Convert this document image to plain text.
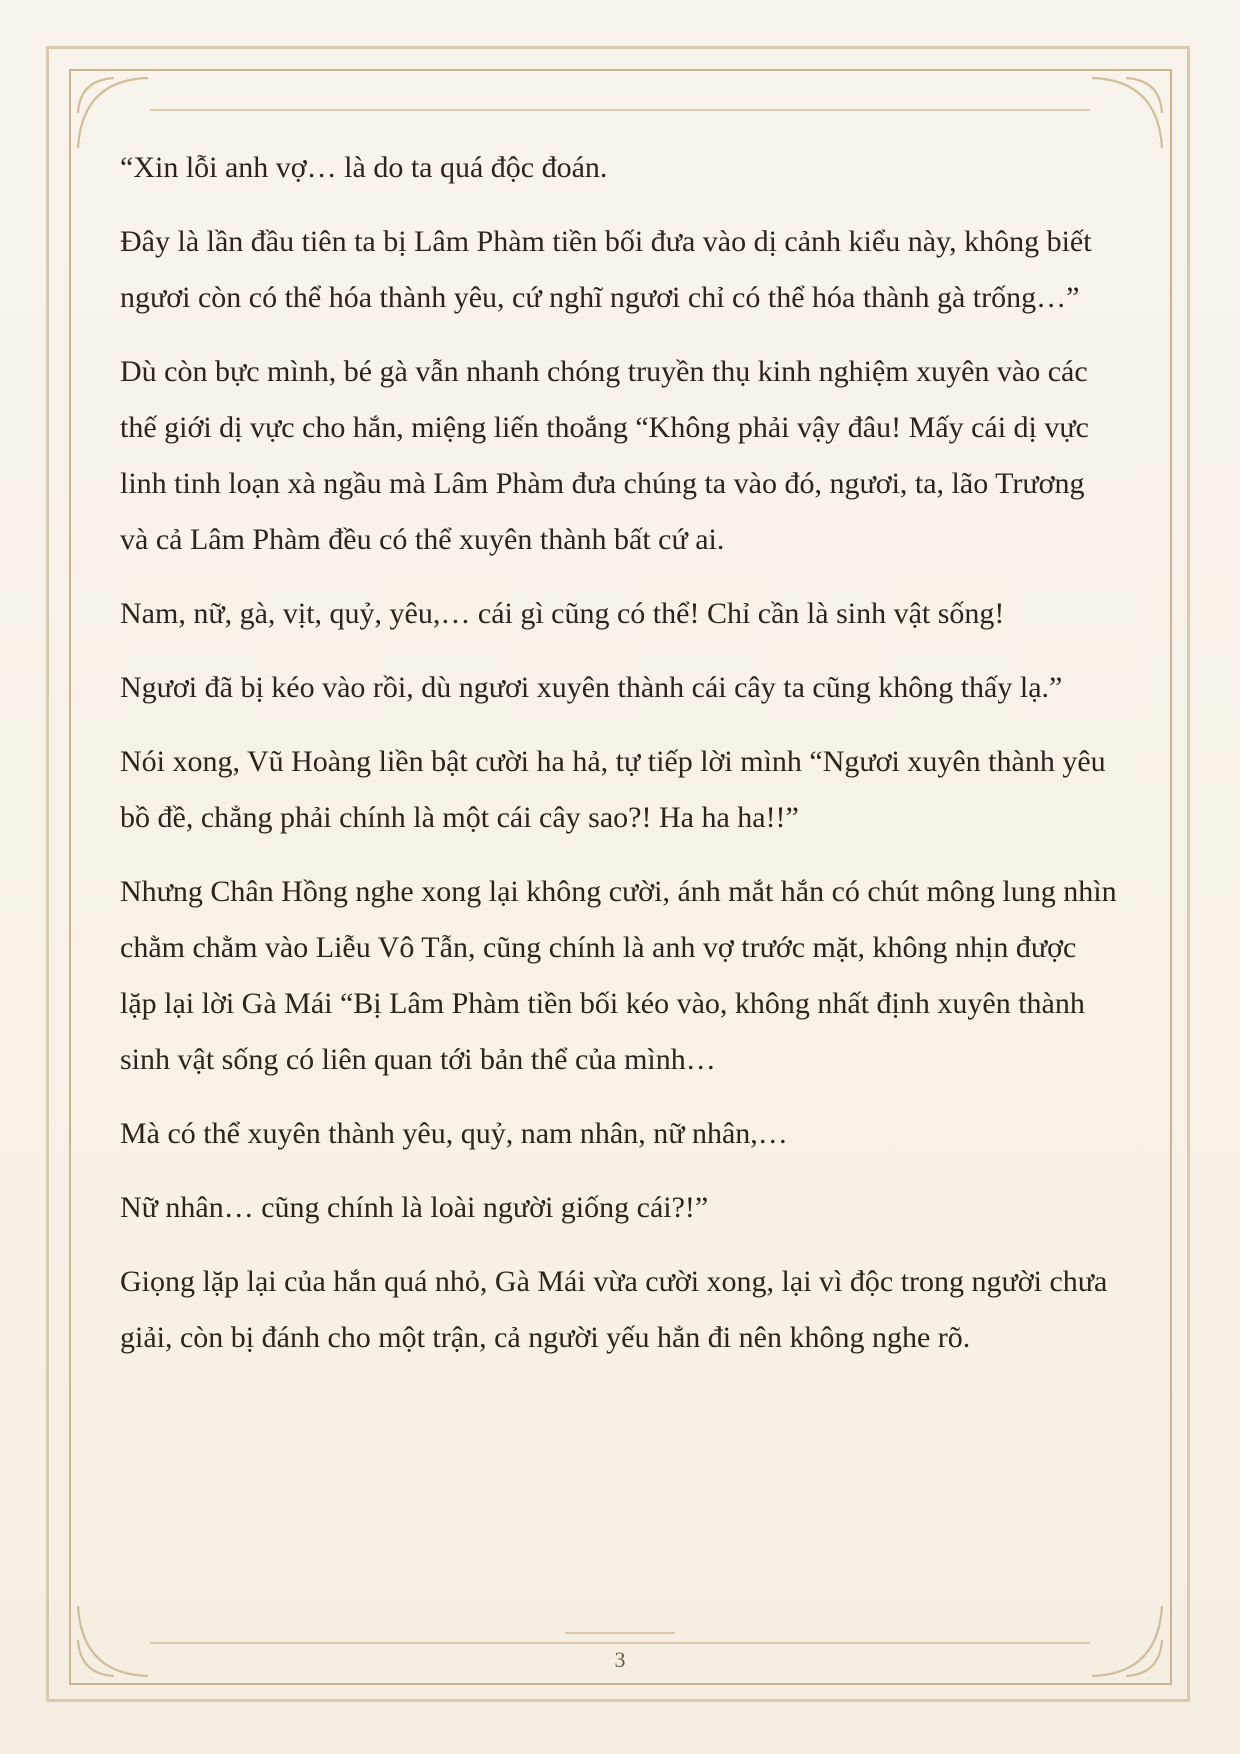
“Xin lỗi anh vợ… là do ta quá độc đoán.

Đây là lần đầu tiên ta bị Lâm Phàm tiền bối đưa vào dị cảnh kiểu này, không biết ngươi còn có thể hóa thành yêu, cứ nghĩ ngươi chỉ có thể hóa thành gà trống…”

Dù còn bực mình, bé gà vẫn nhanh chóng truyền thụ kinh nghiệm xuyên vào các thế giới dị vực cho hắn, miệng liến thoắng “Không phải vậy đâu! Mấy cái dị vực linh tinh loạn xà ngầu mà Lâm Phàm đưa chúng ta vào đó, ngươi, ta, lão Trương và cả Lâm Phàm đều có thể xuyên thành bất cứ ai.

Nam, nữ, gà, vịt, quỷ, yêu,… cái gì cũng có thể! Chỉ cần là sinh vật sống!

Ngươi đã bị kéo vào rồi, dù ngươi xuyên thành cái cây ta cũng không thấy lạ.”

Nói xong, Vũ Hoàng liền bật cười ha hả, tự tiếp lời mình “Ngươi xuyên thành yêu bồ đề, chẳng phải chính là một cái cây sao?! Ha ha ha!!”

Nhưng Chân Hồng nghe xong lại không cười, ánh mắt hắn có chút mông lung nhìn chằm chằm vào Liễu Vô Tẫn, cũng chính là anh vợ trước mặt, không nhịn được lặp lại lời Gà Mái “Bị Lâm Phàm tiền bối kéo vào, không nhất định xuyên thành sinh vật sống có liên quan tới bản thể của mình…

Mà có thể xuyên thành yêu, quỷ, nam nhân, nữ nhân,…

Nữ nhân… cũng chính là loài người giống cái?!”

Giọng lặp lại của hắn quá nhỏ, Gà Mái vừa cười xong, lại vì độc trong người chưa giải, còn bị đánh cho một trận, cả người yếu hẳn đi nên không nghe rõ.

3
